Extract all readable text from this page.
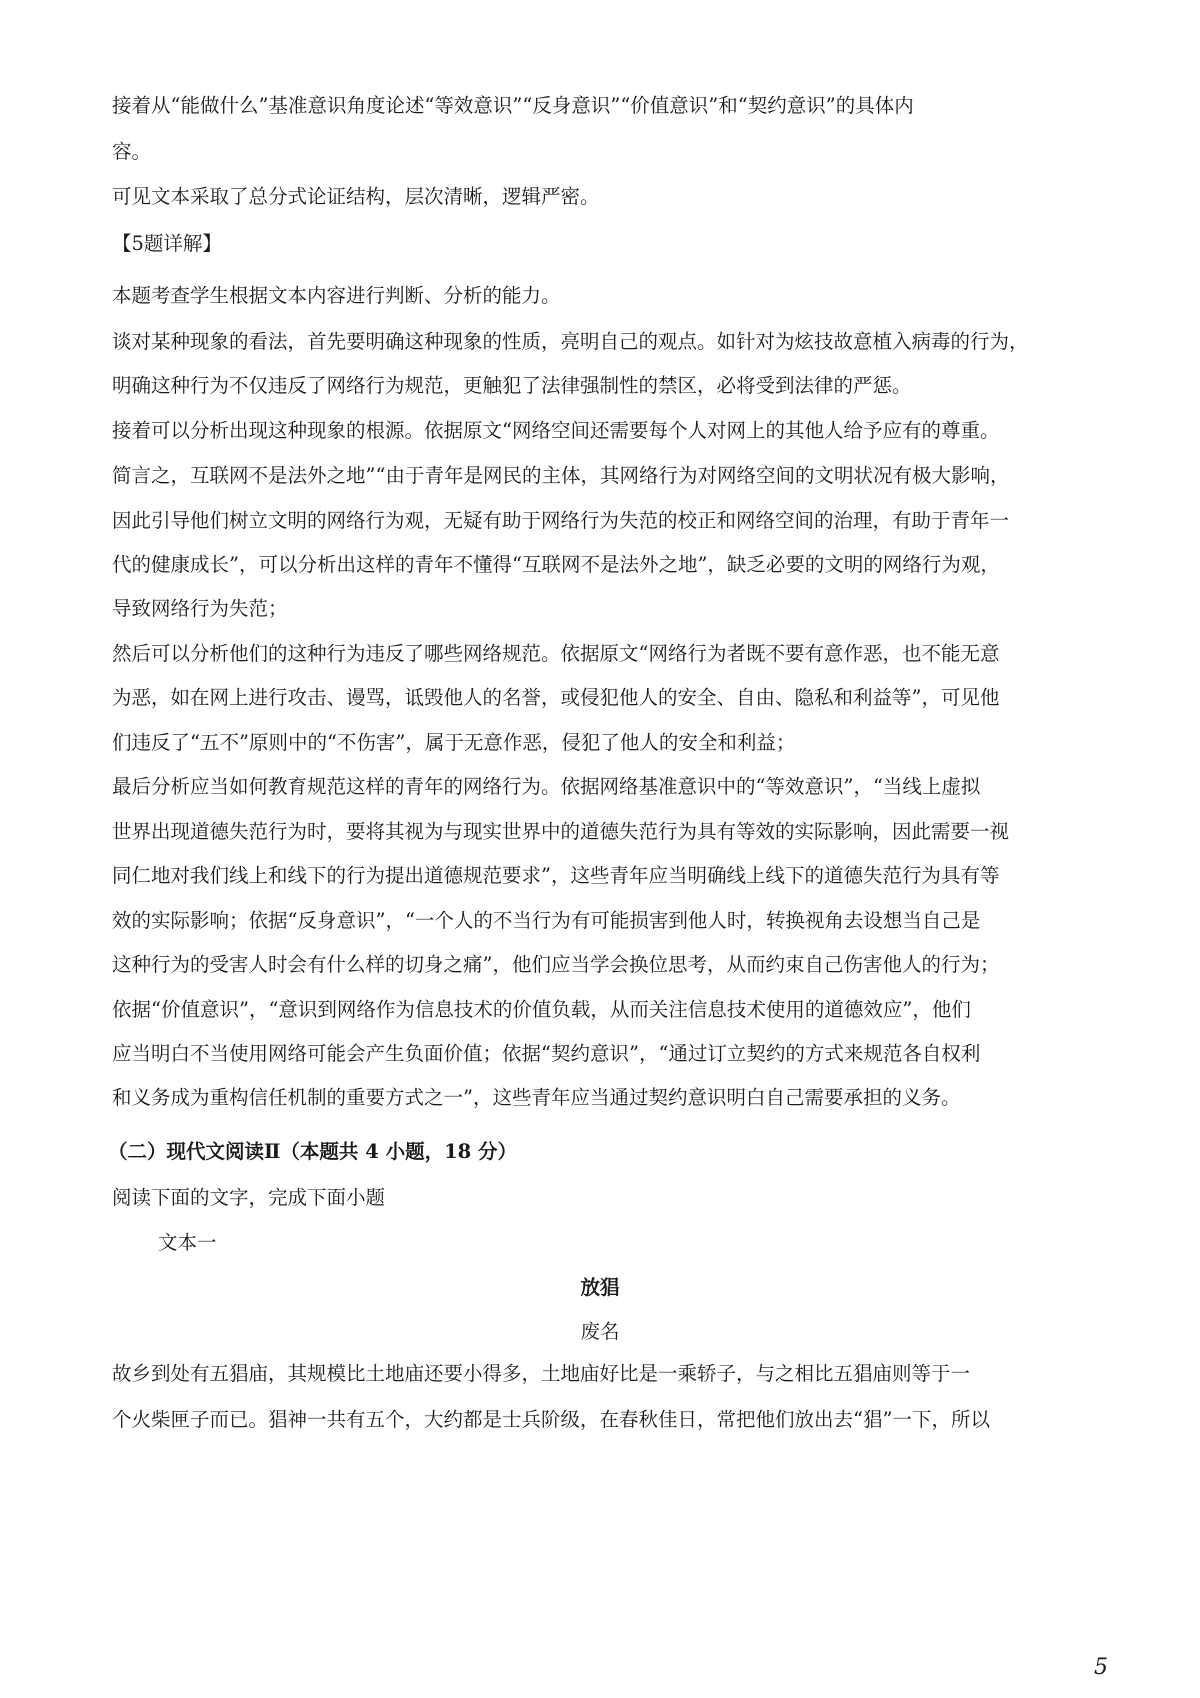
接着从“能做什么”基准意识角度论述“等效意识”“反身意识”“价值意识”和“契约意识”的具体内

容。

可见文本采取了总分式论证结构，层次清晰，逻辑严密。

【5题详解】

本题考查学生根据文本内容进行判断、分析的能力。

谈对某种现象的看法，首先要明确这种现象的性质，亮明自己的观点。如针对为炫技故意植入病毒的行为，

明确这种行为不仅违反了网络行为规范，更触犯了法律强制性的禁区，必将受到法律的严惩。

接着可以分析出现这种现象的根源。依据原文“网络空间还需要每个人对网上的其他人给予应有的尊重。

简言之，互联网不是法外之地”“由于青年是网民的主体，其网络行为对网络空间的文明状况有极大影响，

因此引导他们树立文明的网络行为观，无疑有助于网络行为失范的校正和网络空间的治理，有助于青年一

代的健康成长”，可以分析出这样的青年不懂得“互联网不是法外之地”，缺乏必要的文明的网络行为观，

导致网络行为失范；

然后可以分析他们的这种行为违反了哪些网络规范。依据原文“网络行为者既不要有意作恶，也不能无意

为恶，如在网上进行攻击、谩骂，诋毁他人的名誉，或侵犯他人的安全、自由、隐私和利益等”，可见他

们违反了“五不”原则中的“不伤害”，属于无意作恶，侵犯了他人的安全和利益；

最后分析应当如何教育规范这样的青年的网络行为。依据网络基准意识中的“等效意识”，“当线上虚拟

世界出现道德失范行为时，要将其视为与现实世界中的道德失范行为具有等效的实际影响，因此需要一视

同仁地对我们线上和线下的行为提出道德规范要求”，这些青年应当明确线上线下的道德失范行为具有等

效的实际影响；依据“反身意识”，“一个人的不当行为有可能损害到他人时，转换视角去设想当自己是

这种行为的受害人时会有什么样的切身之痛”，他们应当学会换位思考，从而约束自己伤害他人的行为；

依据“价值意识”，“意识到网络作为信息技术的价值负载，从而关注信息技术使用的道德效应”，他们

应当明白不当使用网络可能会产生负面价值；依据“契约意识”，“通过订立契约的方式来规范各自权利

和义务成为重构信任机制的重要方式之一”，这些青年应当通过契约意识明白自己需要承担的义务。

（二）现代文阅读Ⅱ（本题共 4 小题，18 分）

阅读下面的文字，完成下面小题

文本一

放猖

废名

故乡到处有五猖庙，其规模比土地庙还要小得多，土地庙好比是一乘轿子，与之相比五猖庙则等于一

个火柴匣子而已。猖神一共有五个，大约都是士兵阶级，在春秋佳日，常把他们放出去“猖”一下，所以

5
